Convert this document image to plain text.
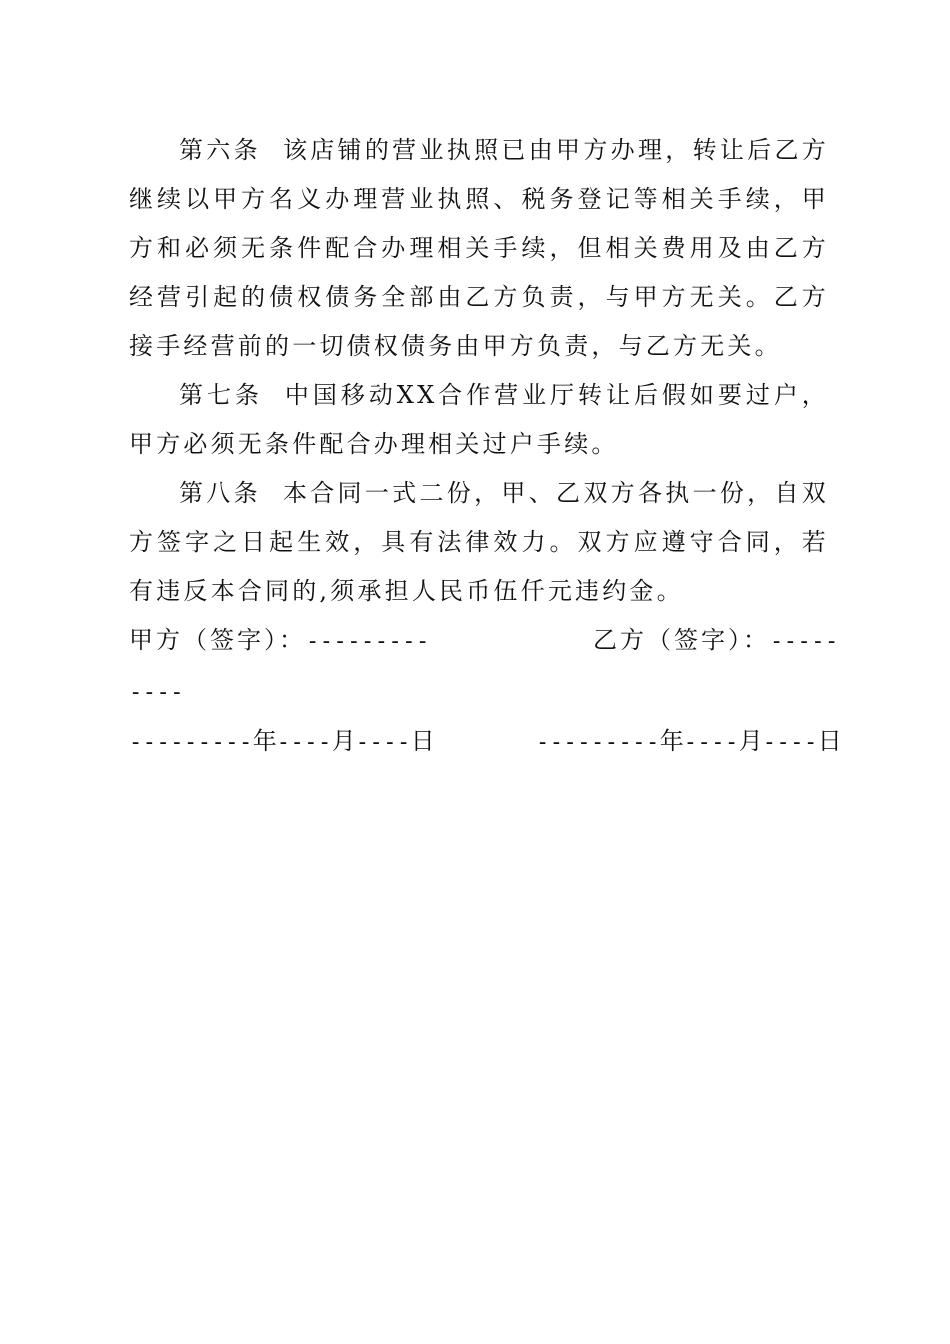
第六条 该店铺的营业执照已由甲方办理，转让后乙方继续以甲方名义办理营业执照、税务登记等相关手续，甲方和必须无条件配合办理相关手续，但相关费用及由乙方经营引起的债权债务全部由乙方负责，与甲方无关。乙方接手经营前的一切债权债务由甲方负责，与乙方无关。

第七条 中国移动XX合作营业厅转让后假如要过户，甲方必须无条件配合办理相关过户手续。

第八条 本合同一式二份，甲、乙双方各执一份，自双方签字之日起生效，具有法律效力。双方应遵守合同，若有违反本合同的,须承担人民币伍仟元违约金。

甲方（签字）：---------	乙方（签字）：-----
----
---------年----月----日	---------年----月----日
